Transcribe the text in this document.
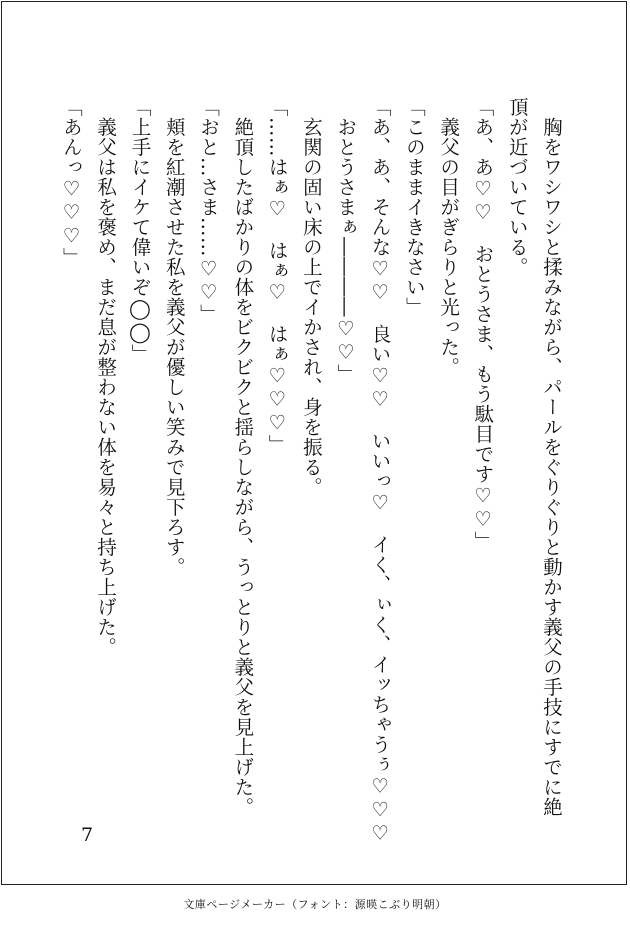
　胸をワシワシと揉みながら、パールをぐりぐりと動かす義父の手技にすでに絶
頂が近づいている。
「あ、あ♡♡　おとうさま、もう駄目です♡♡」
　義父の目がぎらりと光った。
「このままイきなさい」
「あ、あ、そんな♡♡　良い♡♡　いいっ♡　イく、ぃく、イッちゃうぅ♡♡♡
　おとうさまぁ――――♡♡」
　玄関の固い床の上でイかされ、身を振る。
「……はぁ♡　はぁ♡　はぁ♡♡♡」
　絶頂したばかりの体をビクビクと揺らしながら、うっとりと義父を見上げた。
「おと…さま……♡♡」
　頬を紅潮させた私を義父が優しい笑みで見下ろす。
「上手にイケて偉いぞ◯◯」
　義父は私を褒め、まだ息が整わない体を易々と持ち上げた。
「あんっ♡♡♡」
7
文庫ページメーカー（フォント：源暎こぶり明朝）
